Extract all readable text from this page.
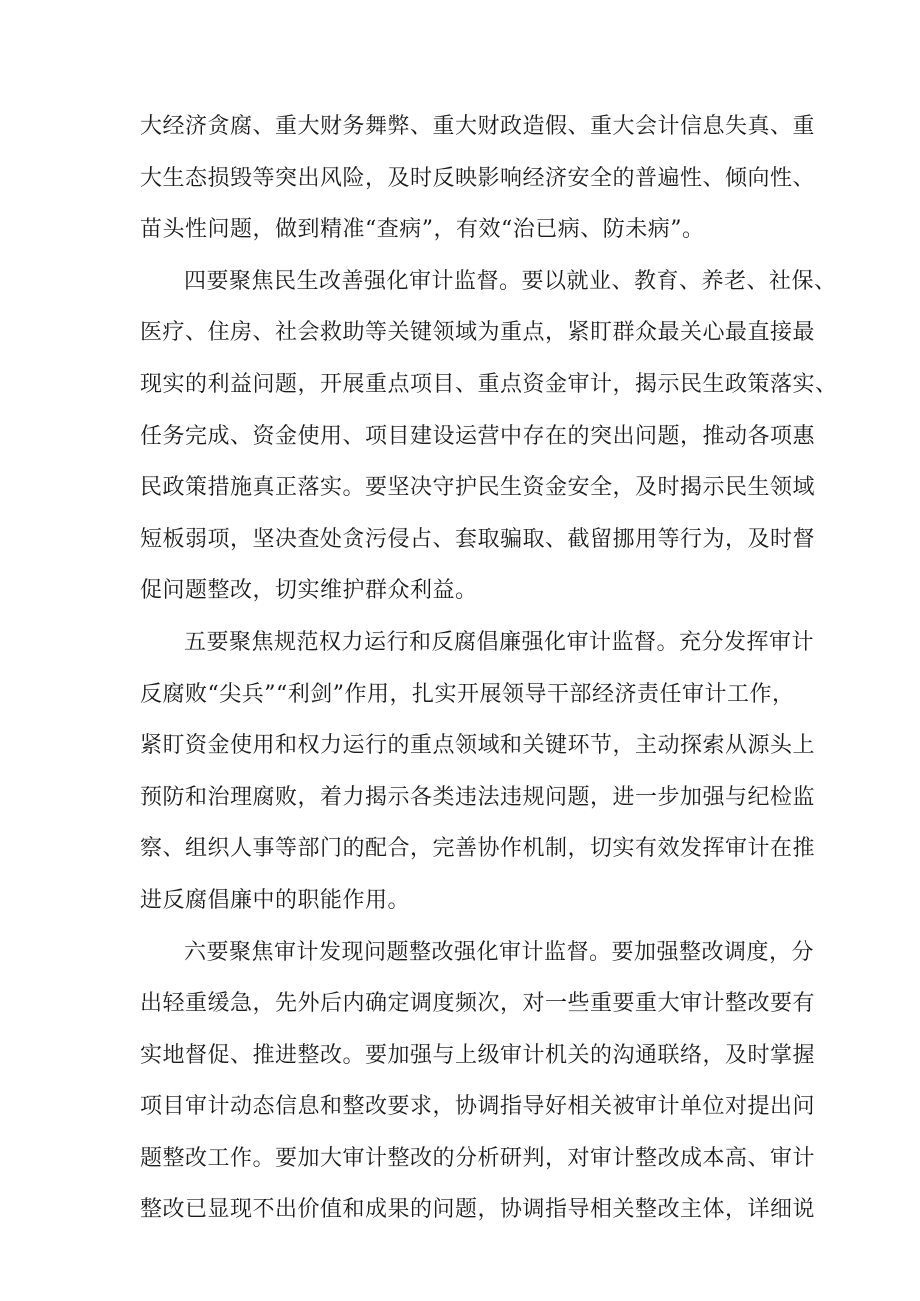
大经济贪腐、重大财务舞弊、重大财政造假、重大会计信息失真、重
大生态损毁等突出风险，及时反映影响经济安全的普遍性、倾向性、
苗头性问题，做到精准“查病”，有效“治已病、防未病”。
四要聚焦民生改善强化审计监督。要以就业、教育、养老、社保、
医疗、住房、社会救助等关键领域为重点，紧盯群众最关心最直接最
现实的利益问题，开展重点项目、重点资金审计，揭示民生政策落实、
任务完成、资金使用、项目建设运营中存在的突出问题，推动各项惠
民政策措施真正落实。要坚决守护民生资金安全，及时揭示民生领域
短板弱项，坚决查处贪污侵占、套取骗取、截留挪用等行为，及时督
促问题整改，切实维护群众利益。
五要聚焦规范权力运行和反腐倡廉强化审计监督。充分发挥审计
反腐败“尖兵”“利剑”作用，扎实开展领导干部经济责任审计工作，
紧盯资金使用和权力运行的重点领域和关键环节，主动探索从源头上
预防和治理腐败，着力揭示各类违法违规问题，进一步加强与纪检监
察、组织人事等部门的配合，完善协作机制，切实有效发挥审计在推
进反腐倡廉中的职能作用。
六要聚焦审计发现问题整改强化审计监督。要加强整改调度，分
出轻重缓急，先外后内确定调度频次，对一些重要重大审计整改要有
实地督促、推进整改。要加强与上级审计机关的沟通联络，及时掌握
项目审计动态信息和整改要求，协调指导好相关被审计单位对提出问
题整改工作。要加大审计整改的分析研判，对审计整改成本高、审计
整改已显现不出价值和成果的问题，协调指导相关整改主体，详细说
